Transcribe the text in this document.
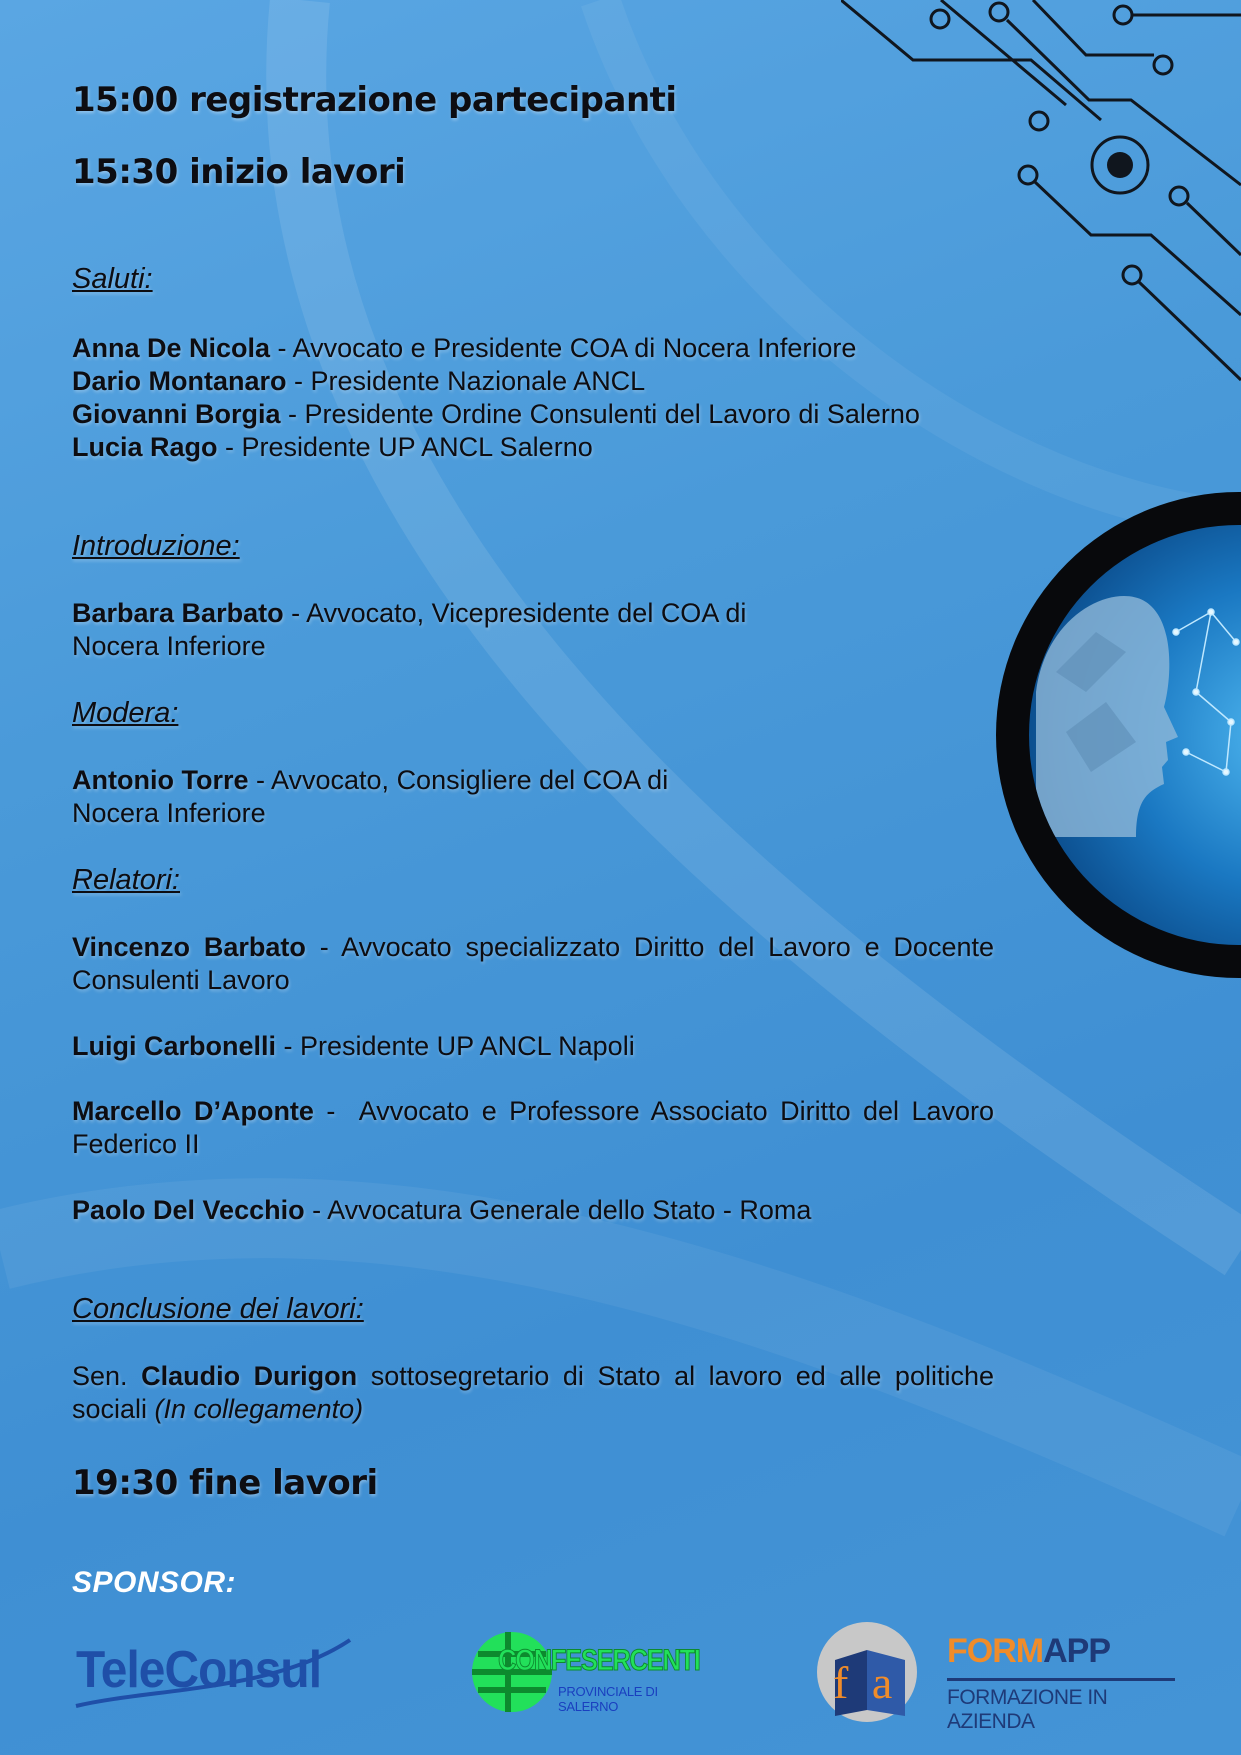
15:00 registrazione partecipanti

15:30 inizio lavori

Saluti:
Anna De Nicola - Avvocato e Presidente COA di Nocera Inferiore
Dario Montanaro - Presidente Nazionale ANCL
Giovanni Borgia - Presidente Ordine Consulenti del Lavoro di Salerno
Lucia Rago - Presidente UP ANCL Salerno
Introduzione:
Barbara Barbato - Avvocato, Vicepresidente del COA di Nocera Inferiore
Modera:
Antonio Torre - Avvocato, Consigliere del COA di Nocera Inferiore
Relatori:
Vincenzo Barbato - Avvocato specializzato Diritto del Lavoro e Docente Consulenti Lavoro
Luigi Carbonelli - Presidente UP ANCL Napoli
Marcello D’Aponte -  Avvocato e Professore Associato Diritto del Lavoro Federico II
Paolo Del Vecchio - Avvocatura Generale dello Stato - Roma
Conclusione dei lavori:
Sen. Claudio Durigon sottosegretario di Stato al lavoro ed alle politiche sociali (In collegamento)

19:30 fine lavori

SPONSOR:
TeleConsul	CONFESERCENTI
PROVINCIALE DI SALERNO	f a
FORMAPP
FORMAZIONE IN AZIENDA
